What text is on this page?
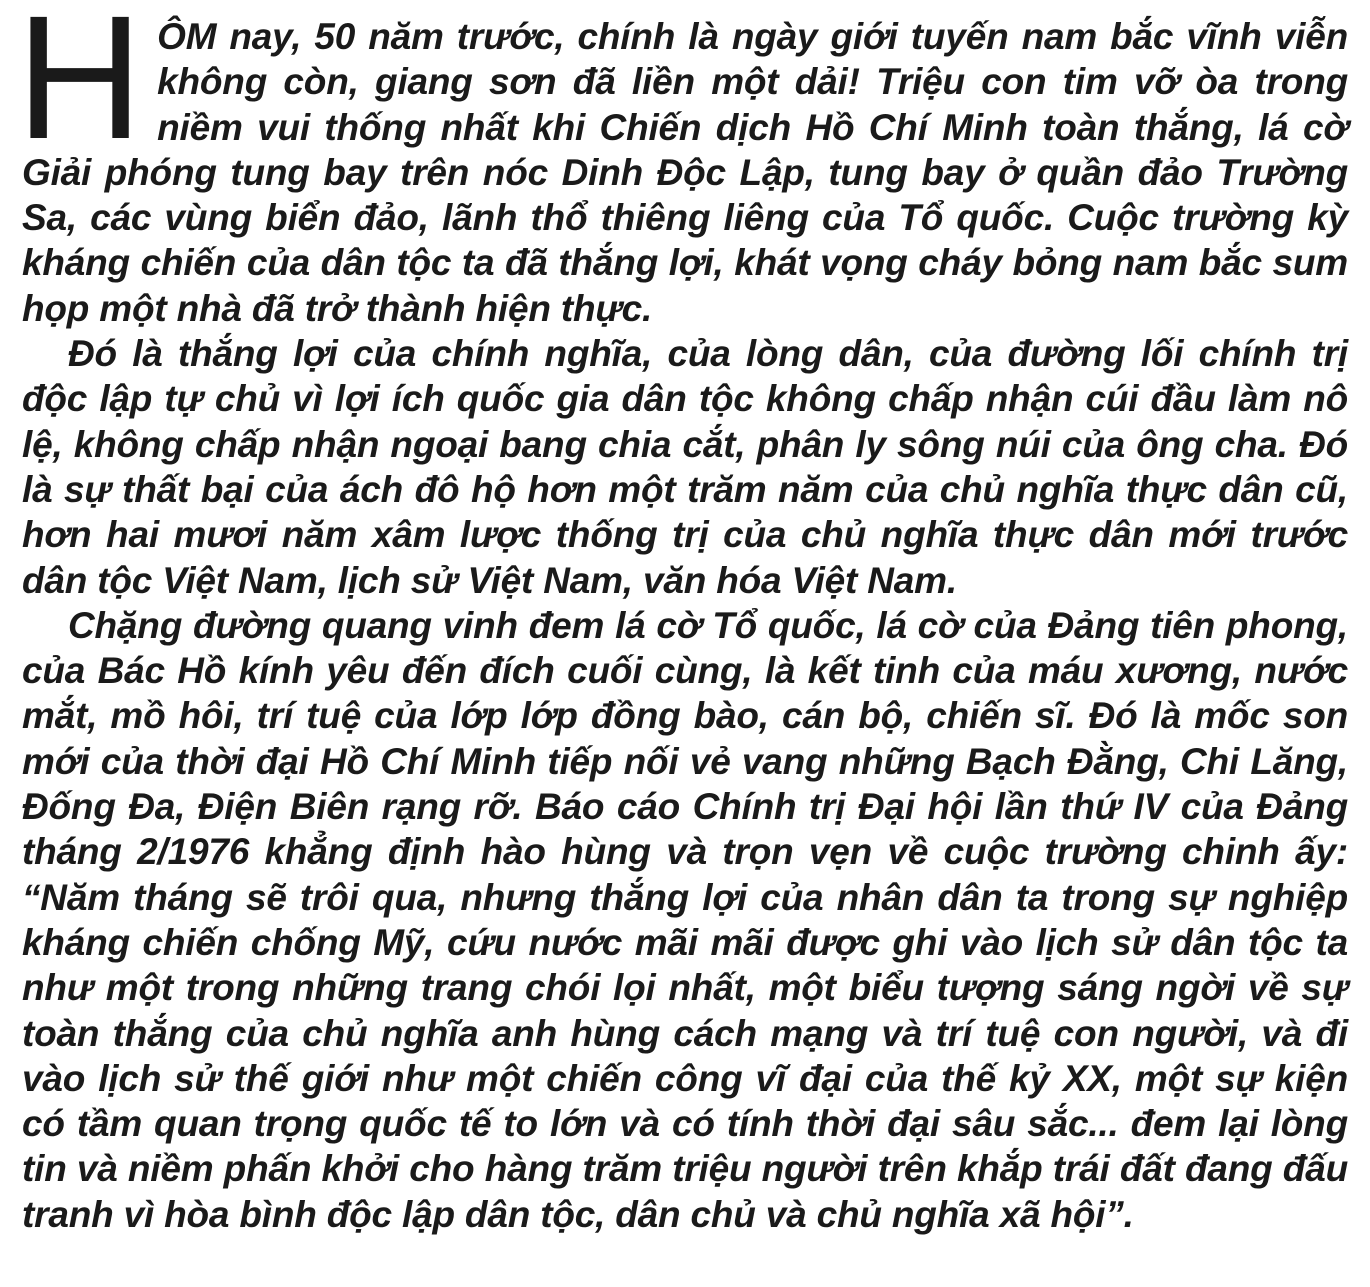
HÔM nay, 50 năm trước, chính là ngày giới tuyến nam bắc vĩnh viễn không còn, giang sơn đã liền một dải! Triệu con tim vỡ òa trong niềm vui thống nhất khi Chiến dịch Hồ Chí Minh toàn thắng, lá cờ Giải phóng tung bay trên nóc Dinh Độc Lập, tung bay ở quần đảo Trường Sa, các vùng biển đảo, lãnh thổ thiêng liêng của Tổ quốc. Cuộc trường kỳ kháng chiến của dân tộc ta đã thắng lợi, khát vọng cháy bỏng nam bắc sum họp một nhà đã trở thành hiện thực.

Đó là thắng lợi của chính nghĩa, của lòng dân, của đường lối chính trị độc lập tự chủ vì lợi ích quốc gia dân tộc không chấp nhận cúi đầu làm nô lệ, không chấp nhận ngoại bang chia cắt, phân ly sông núi của ông cha. Đó là sự thất bại của ách đô hộ hơn một trăm năm của chủ nghĩa thực dân cũ, hơn hai mươi năm xâm lược thống trị của chủ nghĩa thực dân mới trước dân tộc Việt Nam, lịch sử Việt Nam, văn hóa Việt Nam.

Chặng đường quang vinh đem lá cờ Tổ quốc, lá cờ của Đảng tiên phong, của Bác Hồ kính yêu đến đích cuối cùng, là kết tinh của máu xương, nước mắt, mồ hôi, trí tuệ của lớp lớp đồng bào, cán bộ, chiến sĩ. Đó là mốc son mới của thời đại Hồ Chí Minh tiếp nối vẻ vang những Bạch Đằng, Chi Lăng, Đống Đa, Điện Biên rạng rỡ. Báo cáo Chính trị Đại hội lần thứ IV của Đảng tháng 2/1976 khẳng định hào hùng và trọn vẹn về cuộc trường chinh ấy: “Năm tháng sẽ trôi qua, nhưng thắng lợi của nhân dân ta trong sự nghiệp kháng chiến chống Mỹ, cứu nước mãi mãi được ghi vào lịch sử dân tộc ta như một trong những trang chói lọi nhất, một biểu tượng sáng ngời về sự toàn thắng của chủ nghĩa anh hùng cách mạng và trí tuệ con người, và đi vào lịch sử thế giới như một chiến công vĩ đại của thế kỷ XX, một sự kiện có tầm quan trọng quốc tế to lớn và có tính thời đại sâu sắc... đem lại lòng tin và niềm phấn khởi cho hàng trăm triệu người trên khắp trái đất đang đấu tranh vì hòa bình độc lập dân tộc, dân chủ và chủ nghĩa xã hội”.
